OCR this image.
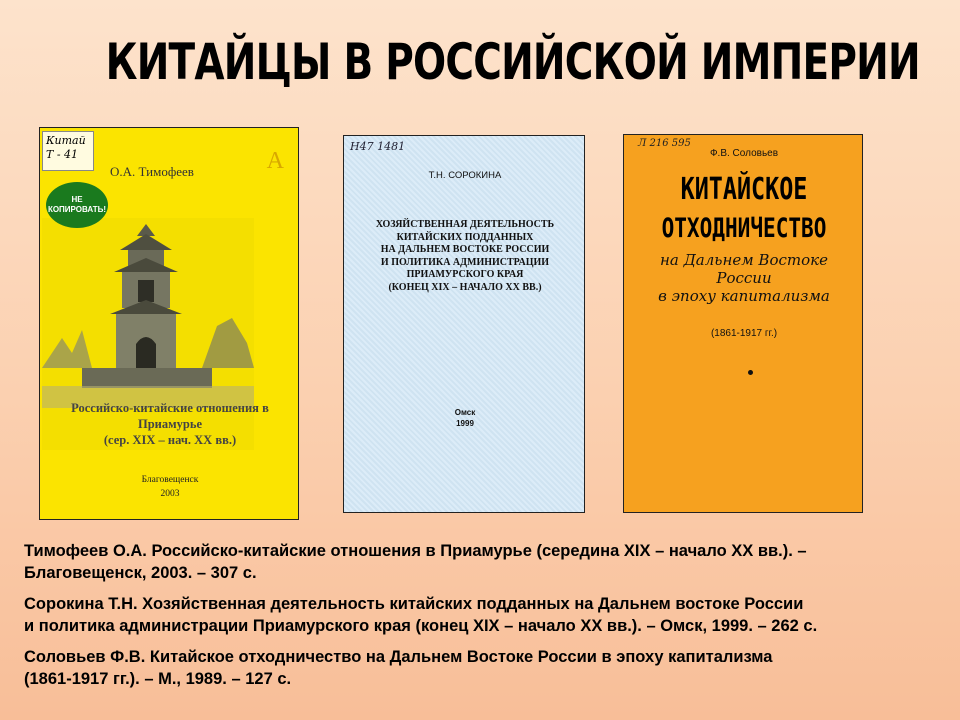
КИТАЙЦЫ В РОССИЙСКОЙ ИМПЕРИИ
Китай
Т - 41
О.А. Тимофеев	А
НЕ
КОПИРОВАТЬ!
Российско-китайские отношения в
Приамурье
(сер. XIX – нач. XX вв.)
Благовещенск
2003
Н47 1481
Т.Н. СОРОКИНА
ХОЗЯЙСТВЕННАЯ ДЕЯТЕЛЬНОСТЬ
КИТАЙСКИХ ПОДДАННЫХ
НА ДАЛЬНЕМ ВОСТОКЕ РОССИИ
И ПОЛИТИКА АДМИНИСТРАЦИИ
ПРИАМУРСКОГО КРАЯ
(КОНЕЦ XIX – НАЧАЛО XX ВВ.)
Омск
1999
Л 216 595
Ф.В. Соловьев
КИТАЙСКОЕ
ОТХОДНИЧЕСТВО
на Дальнем Востоке
России
в эпоху капитализма
(1861-1917 гг.)

Тимофеев О.А. Российско-китайские отношения в Приамурье (середина XIX – начало XX вв.). –
Благовещенск, 2003. – 307 с.

Сорокина Т.Н. Хозяйственная деятельность китайских подданных на Дальнем востоке России
и политика администрации Приамурского края (конец XIX – начало XX вв.). – Омск, 1999. – 262 с.

Соловьев Ф.В. Китайское отходничество на Дальнем Востоке России в эпоху капитализма
(1861-1917 гг.). – М., 1989. – 127 с.
